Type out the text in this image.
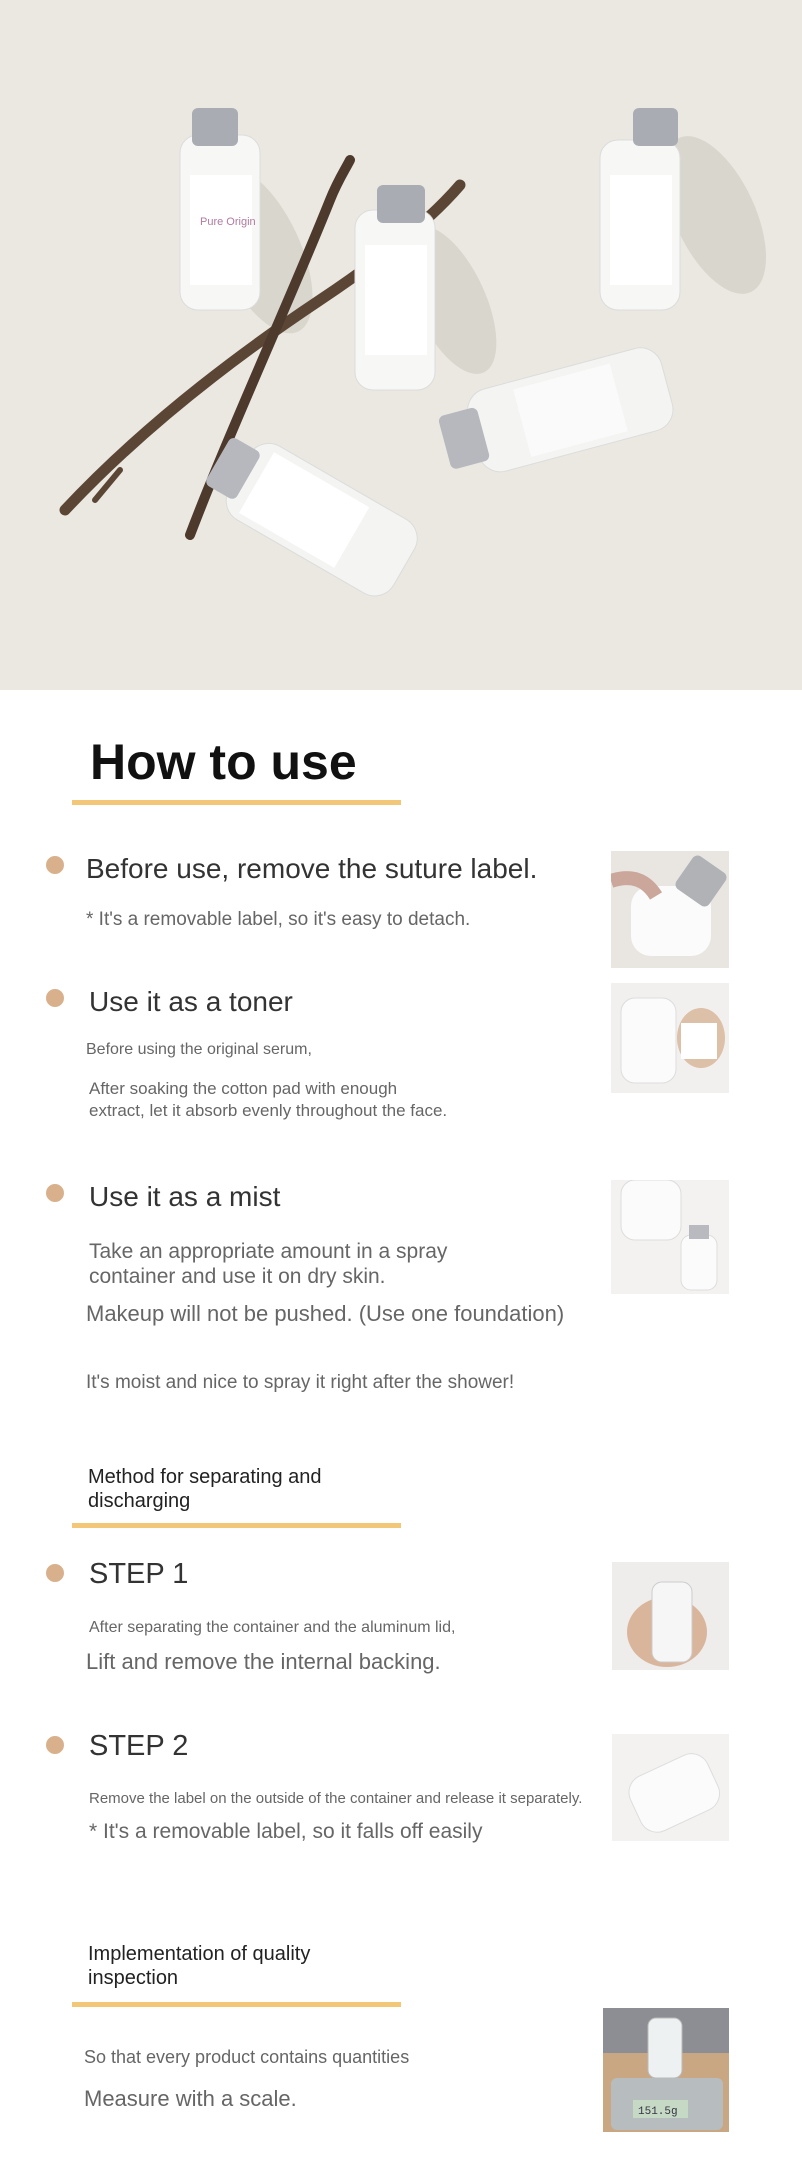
Pure Origin
How to use
Before use, remove the suture label.
* It's a removable label, so it's easy to detach.
Use it as a toner
Before using the original serum,
After soaking the cotton pad with enough
extract, let it absorb evenly throughout the face.
Use it as a mist
Take an appropriate amount in a spray
container and use it on dry skin.
Makeup will not be pushed. (Use one foundation)
It's moist and nice to spray it right after the shower!
Method for separating and
discharging
STEP 1
After separating the container and the aluminum lid,
Lift and remove the internal backing.
STEP 2
Remove the label on the outside of the container and release it separately.
* It's a removable label, so it falls off easily
Implementation of quality
inspection
So that every product contains quantities
Measure with a scale.
151.5g
